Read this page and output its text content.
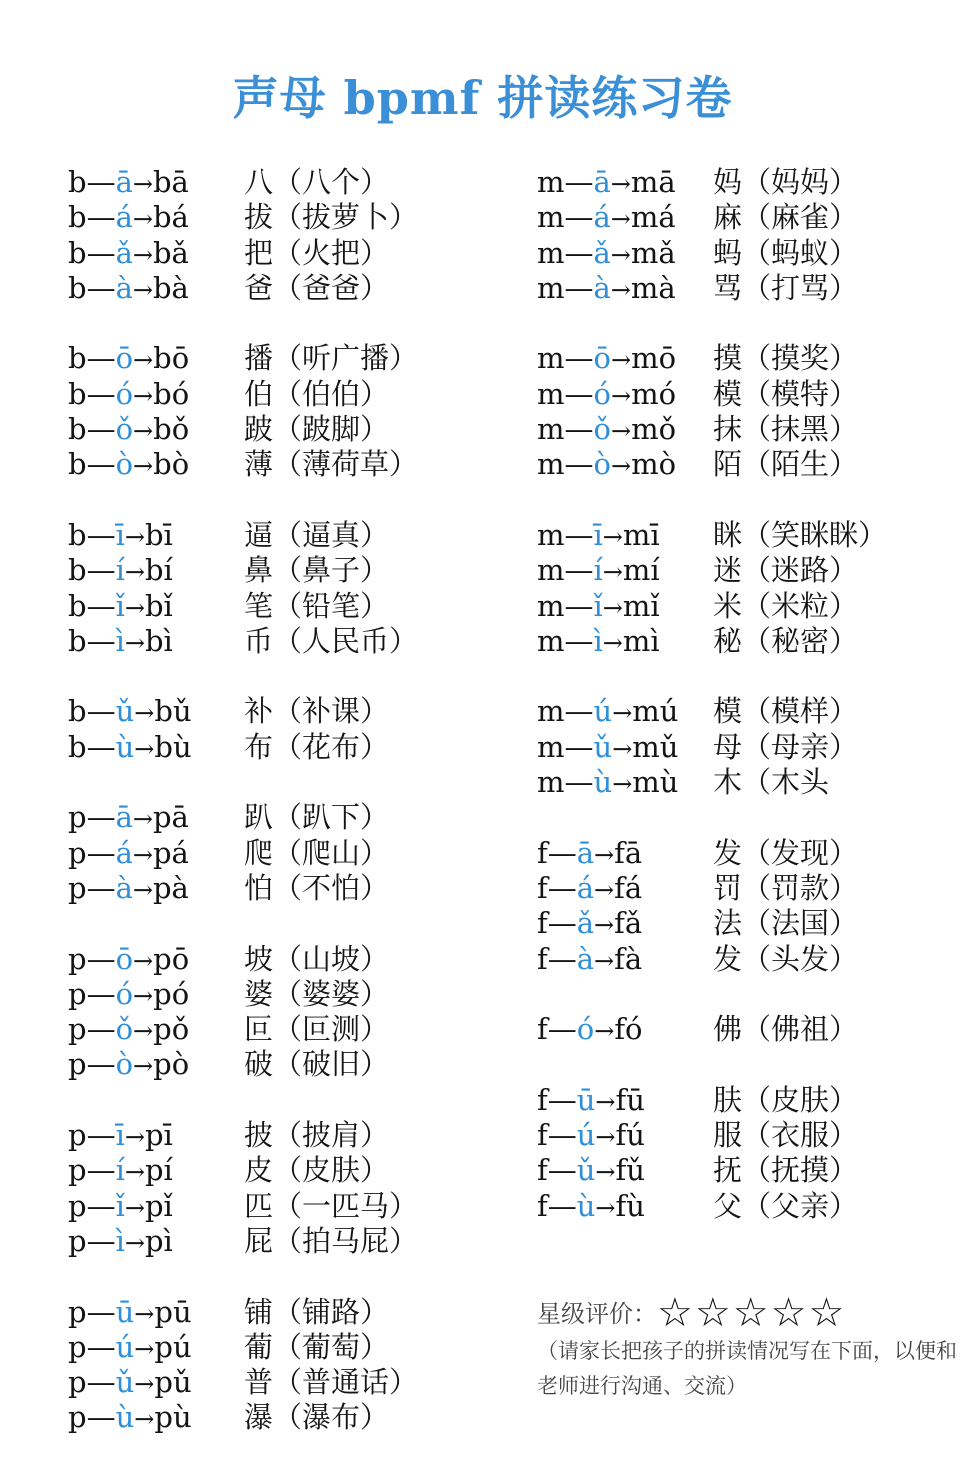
声母 bpmf 拼读练习卷
b—ā→bā 八（八个）
b—á→bá 拔（拔萝卜）
b—ǎ→bǎ 把（火把）
b—à→bà 爸（爸爸）
b—ō→bō 播（听广播）
b—ó→bó 伯（伯伯）
b—ǒ→bǒ 跛（跛脚）
b—ò→bò 薄（薄荷草）
b—ī→bī 逼（逼真）
b—í→bí 鼻（鼻子）
b—ǐ→bǐ 笔（铅笔）
b—ì→bì 币（人民币）
b—ǔ→bǔ 补（补课）
b—ù→bù 布（花布）
p—ā→pā 趴（趴下）
p—á→pá 爬（爬山）
p—à→pà 怕（不怕）
p—ō→pō 坡（山坡）
p—ó→pó 婆（婆婆）
p—ǒ→pǒ 叵（叵测）
p—ò→pò 破（破旧）
p—ī→pī 披（披肩）
p—í→pí 皮（皮肤）
p—ǐ→pǐ 匹（一匹马）
p—ì→pì 屁（拍马屁）
p—ū→pū 铺（铺路）
p—ú→pú 葡（葡萄）
p—ǔ→pǔ 普（普通话）
p—ù→pù 瀑（瀑布）
m—ā→mā 妈（妈妈）
m—á→má 麻（麻雀）
m—ǎ→mǎ 蚂（蚂蚁）
m—à→mà 骂（打骂）
m—ō→mō 摸（摸奖）
m—ó→mó 模（模特）
m—ǒ→mǒ 抹（抹黑）
m—ò→mò 陌（陌生）
m—ī→mī 眯（笑眯眯）
m—í→mí 迷（迷路）
m—ǐ→mǐ 米（米粒）
m—ì→mì 秘（秘密）
m—ú→mú 模（模样）
m—ǔ→mǔ 母（母亲）
m—ù→mù 木（木头
f—ā→fā 发（发现）
f—á→fá 罚（罚款）
f—ǎ→fǎ 法（法国）
f—à→fà 发（头发）
f—ó→fó 佛（佛祖）
f—ū→fū 肤（皮肤）
f—ú→fú 服（衣服）
f—ǔ→fǔ 抚（抚摸）
f—ù→fù 父（父亲）
星级评价：☆☆☆☆☆
（请家长把孩子的拼读情况写在下面，以便和老师进行沟通、交流）
